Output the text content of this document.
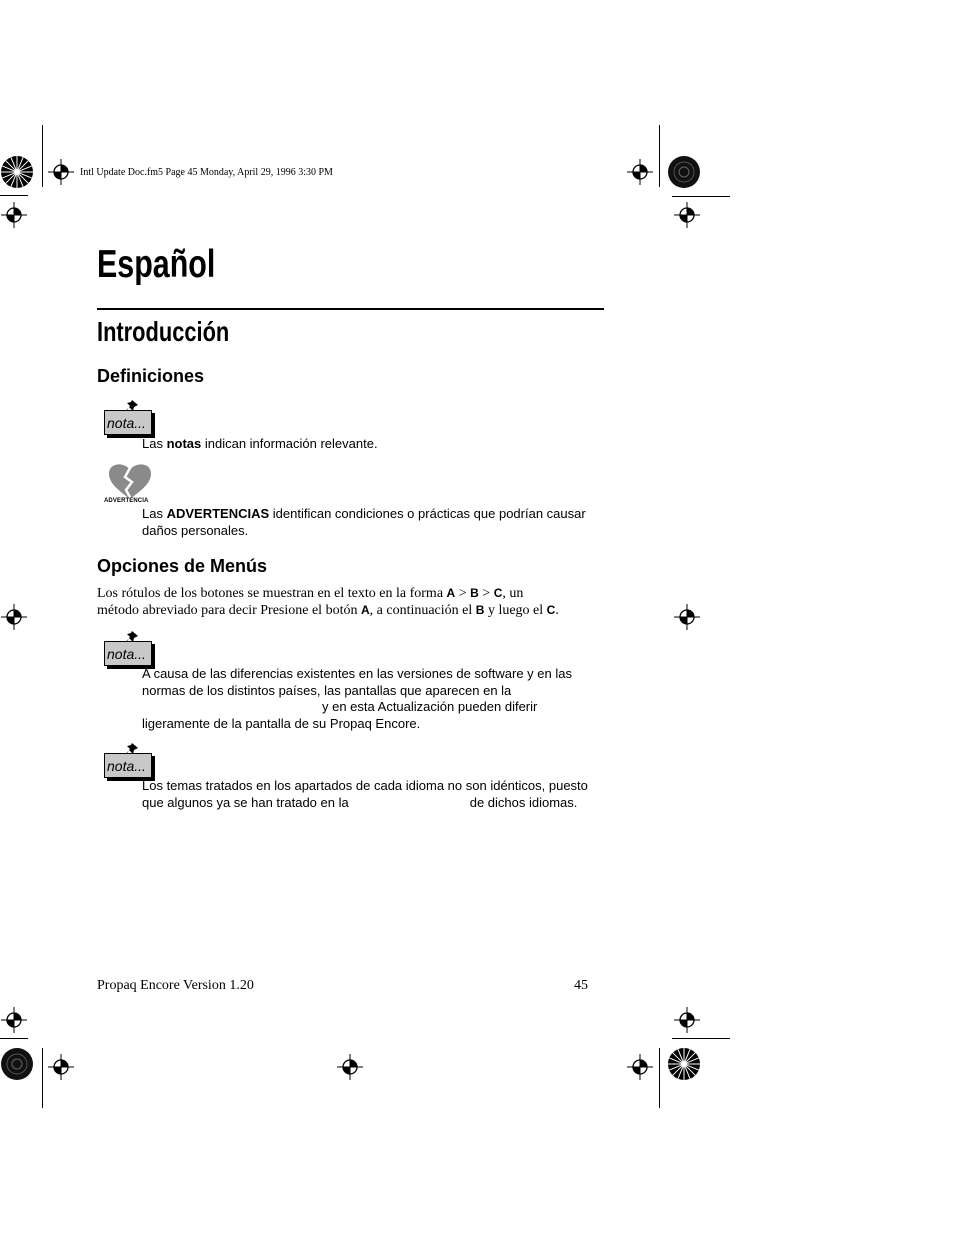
Intl Update Doc.fm5 Page 45 Monday, April 29, 1996 3:30 PM
Español
Introducción
Definiciones
nota...
Las notas indican información relevante.
ADVERTENCIA
Las ADVERTENCIAS identifican condiciones o prácticas que podrían causar
daños personales.
Opciones de Menús
Los rótulos de los botones se muestran en el texto en la forma A > B > C, un
método abreviado para decir Presione el botón A, a continuación el B y luego el C.
nota...
A causa de las diferencias existentes en las versiones de software y en las
normas de los distintos países, las pantallas que aparecen en la
y en esta Actualización pueden diferir
ligeramente de la pantalla de su Propaq Encore.
nota...
Los temas tratados en los apartados de cada idioma no son idénticos, puesto
que algunos ya se han tratado en la	de dichos idiomas.
Propaq Encore Version 1.20	45
